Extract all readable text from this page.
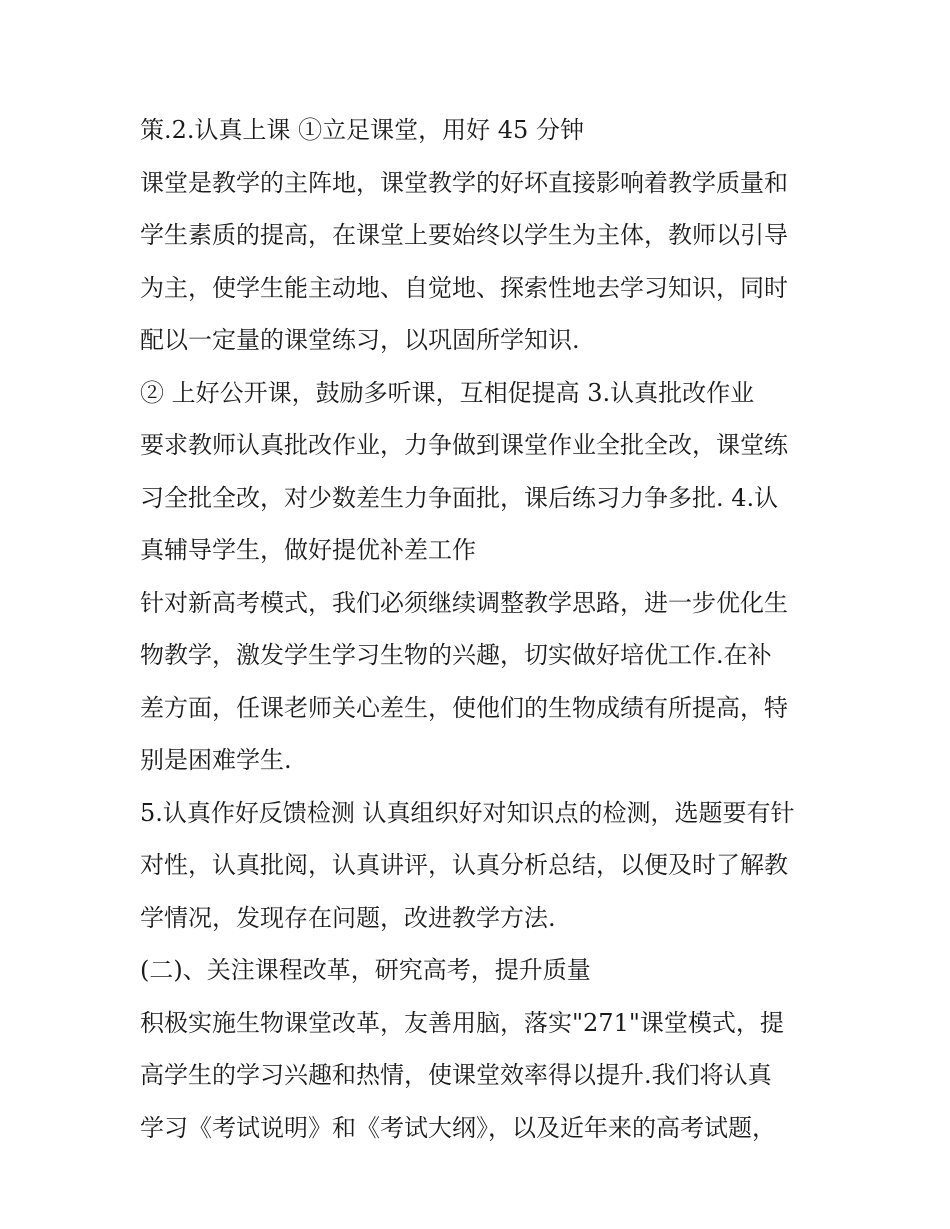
策.2.认真上课 ①立足课堂，用好 45 分钟
课堂是教学的主阵地，课堂教学的好坏直接影响着教学质量和
学生素质的提高，在课堂上要始终以学生为主体，教师以引导
为主，使学生能主动地、自觉地、探索性地去学习知识，同时
配以一定量的课堂练习，以巩固所学知识.
② 上好公开课，鼓励多听课，互相促提高 3.认真批改作业
要求教师认真批改作业，力争做到课堂作业全批全改，课堂练
习全批全改，对少数差生力争面批，课后练习力争多批. 4.认
真辅导学生，做好提优补差工作
针对新高考模式，我们必须继续调整教学思路，进一步优化生
物教学，激发学生学习生物的兴趣，切实做好培优工作.在补
差方面，任课老师关心差生，使他们的生物成绩有所提高，特
别是困难学生.
5.认真作好反馈检测 认真组织好对知识点的检测，选题要有针
对性，认真批阅，认真讲评，认真分析总结，以便及时了解教
学情况，发现存在问题，改进教学方法.
(二)、关注课程改革，研究高考，提升质量
积极实施生物课堂改革，友善用脑，落实"271"课堂模式，提
高学生的学习兴趣和热情，使课堂效率得以提升.我们将认真
学习《考试说明》和《考试大纲》，以及近年来的高考试题，
